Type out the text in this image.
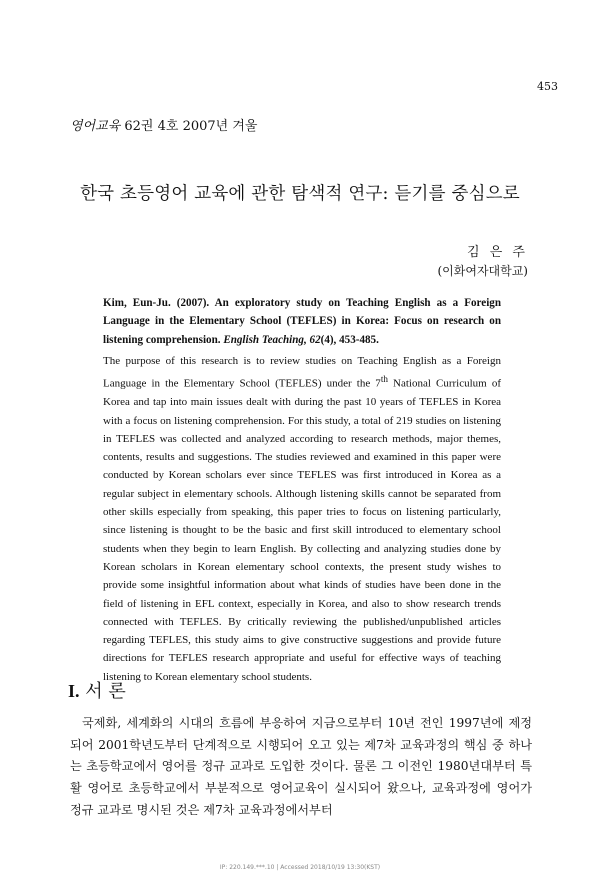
453
영어교육 62권 4호 2007년 겨울
한국 초등영어 교육에 관한 탐색적 연구: 듣기를 중심으로
김 은 주
(이화여자대학교)
Kim, Eun-Ju. (2007). An exploratory study on Teaching English as a Foreign Language in the Elementary School (TEFLES) in Korea: Focus on research on listening comprehension. English Teaching, 62(4), 453-485.
The purpose of this research is to review studies on Teaching English as a Foreign Language in the Elementary School (TEFLES) under the 7th National Curriculum of Korea and tap into main issues dealt with during the past 10 years of TEFLES in Korea with a focus on listening comprehension. For this study, a total of 219 studies on listening in TEFLES was collected and analyzed according to research methods, major themes, contents, results and suggestions. The studies reviewed and examined in this paper were conducted by Korean scholars ever since TEFLES was first introduced in Korea as a regular subject in elementary schools. Although listening skills cannot be separated from other skills especially from speaking, this paper tries to focus on listening particularly, since listening is thought to be the basic and first skill introduced to elementary school students when they begin to learn English. By collecting and analyzing studies done by Korean scholars in Korean elementary school contexts, the present study wishes to provide some insightful information about what kinds of studies have been done in the field of listening in EFL context, especially in Korea, and also to show research trends connected with TEFLES. By critically reviewing the published/unpublished articles regarding TEFLES, this study aims to give constructive suggestions and provide future directions for TEFLES research appropriate and useful for effective ways of teaching listening to Korean elementary school students.
I. 서 론
국제화, 세계화의 시대의 흐름에 부응하여 지금으로부터 10년 전인 1997년에 제정되어 2001학년도부터 단계적으로 시행되어 오고 있는 제7차 교육과정의 핵심 중 하나는 초등학교에서 영어를 정규 교과로 도입한 것이다. 물론 그 이전인 1980년대부터 특활 영어로 초등학교에서 부분적으로 영어교육이 실시되어 왔으나, 교육과정에 영어가 정규 교과로 명시된 것은 제7차 교육과정에서부터
IP: 220.149.***.10 | Accessed 2018/10/19 13:30(KST)
